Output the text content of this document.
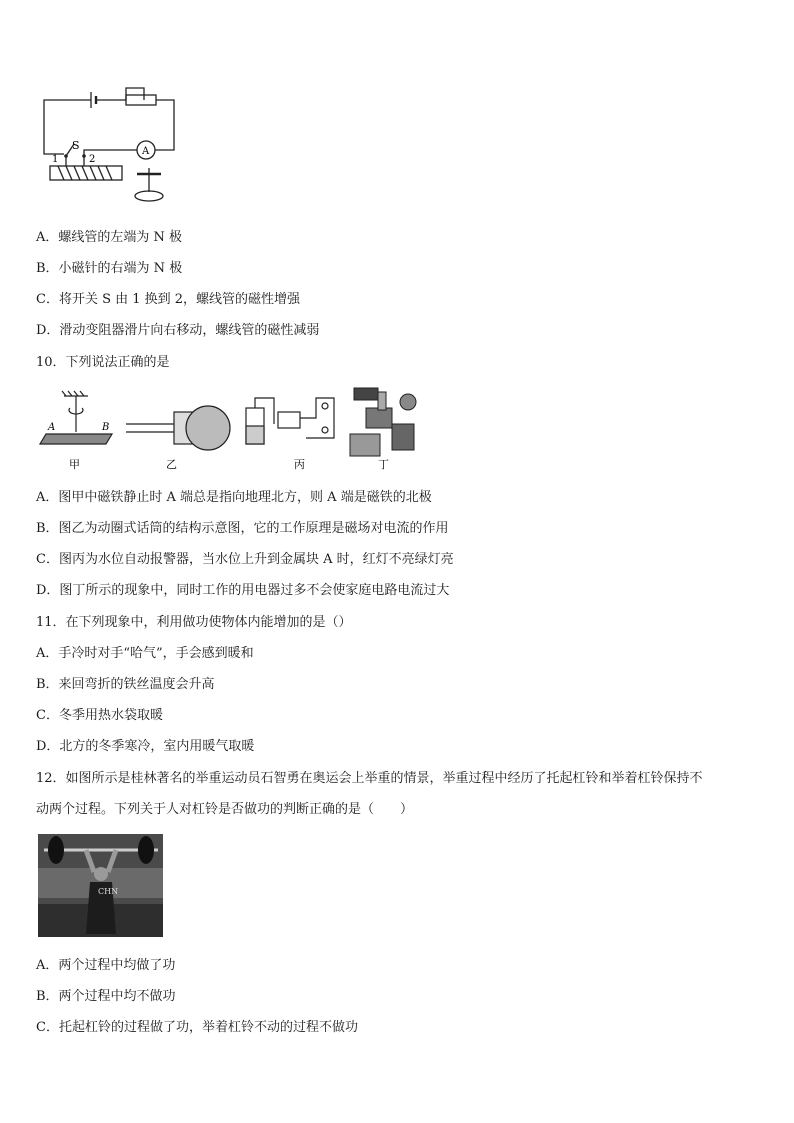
S
1	2
A
A．螺线管的左端为 N 极
B．小磁针的右端为 N 极
C．将开关 S 由 1 换到 2，螺线管的磁性增强
D．滑动变阻器滑片向右移动，螺线管的磁性减弱
10．下列说法正确的是
A	B
甲	乙	丙	丁
A．图甲中磁铁静止时 A 端总是指向地理北方，则 A 端是磁铁的北极
B．图乙为动圈式话筒的结构示意图，它的工作原理是磁场对电流的作用
C．图丙为水位自动报警器，当水位上升到金属块 A 时，红灯不亮绿灯亮
D．图丁所示的现象中，同时工作的用电器过多不会使家庭电路电流过大
11．在下列现象中，利用做功使物体内能增加的是（）
A．手冷时对手“哈气”，手会感到暖和
B．来回弯折的铁丝温度会升高
C．冬季用热水袋取暖
D．北方的冬季寒冷，室内用暖气取暖
12．如图所示是桂林著名的举重运动员石智勇在奥运会上举重的情景，举重过程中经历了托起杠铃和举着杠铃保持不
动两个过程。下列关于人对杠铃是否做功的判断正确的是（　　）
CHN
A．两个过程中均做了功
B．两个过程中均不做功
C．托起杠铃的过程做了功，举着杠铃不动的过程不做功
